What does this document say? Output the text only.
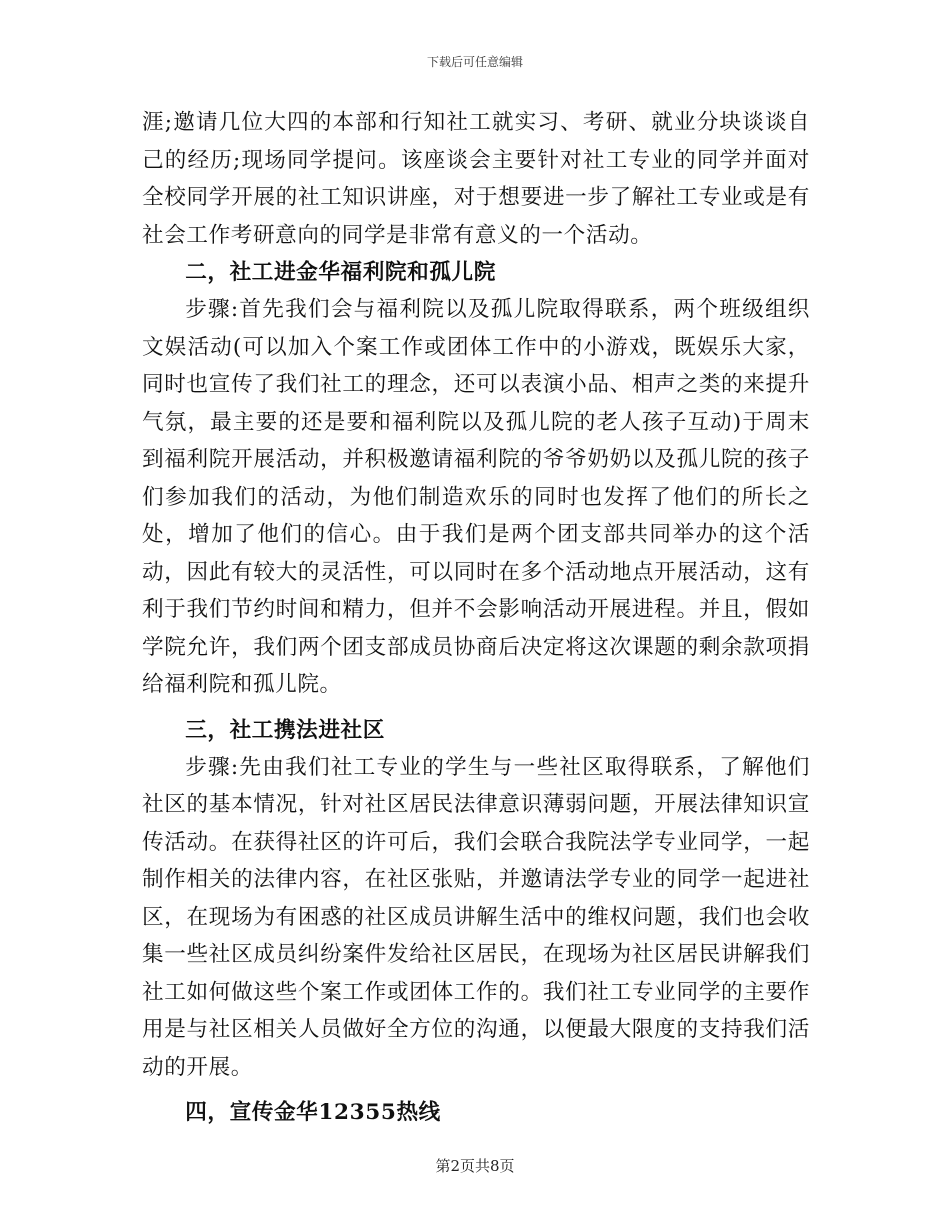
下载后可任意编辑

涯;邀请几位大四的本部和行知社工就实习、考研、就业分块谈谈自己的经历;现场同学提问。该座谈会主要针对社工专业的同学并面对全校同学开展的社工知识讲座，对于想要进一步了解社工专业或是有社会工作考研意向的同学是非常有意义的一个活动。

二，社工进金华福利院和孤儿院

步骤:首先我们会与福利院以及孤儿院取得联系，两个班级组织文娱活动(可以加入个案工作或团体工作中的小游戏，既娱乐大家，同时也宣传了我们社工的理念，还可以表演小品、相声之类的来提升气氛，最主要的还是要和福利院以及孤儿院的老人孩子互动)于周末到福利院开展活动，并积极邀请福利院的爷爷奶奶以及孤儿院的孩子们参加我们的活动，为他们制造欢乐的同时也发挥了他们的所长之处，增加了他们的信心。由于我们是两个团支部共同举办的这个活动，因此有较大的灵活性，可以同时在多个活动地点开展活动，这有利于我们节约时间和精力，但并不会影响活动开展进程。并且，假如学院允许，我们两个团支部成员协商后决定将这次课题的剩余款项捐给福利院和孤儿院。

三，社工携法进社区

步骤:先由我们社工专业的学生与一些社区取得联系，了解他们社区的基本情况，针对社区居民法律意识薄弱问题，开展法律知识宣传活动。在获得社区的许可后，我们会联合我院法学专业同学，一起制作相关的法律内容，在社区张贴，并邀请法学专业的同学一起进社区，在现场为有困惑的社区成员讲解生活中的维权问题，我们也会收集一些社区成员纠纷案件发给社区居民，在现场为社区居民讲解我们社工如何做这些个案工作或团体工作的。我们社工专业同学的主要作用是与社区相关人员做好全方位的沟通，以便最大限度的支持我们活动的开展。

四，宣传金华12355热线
第2页共8页
